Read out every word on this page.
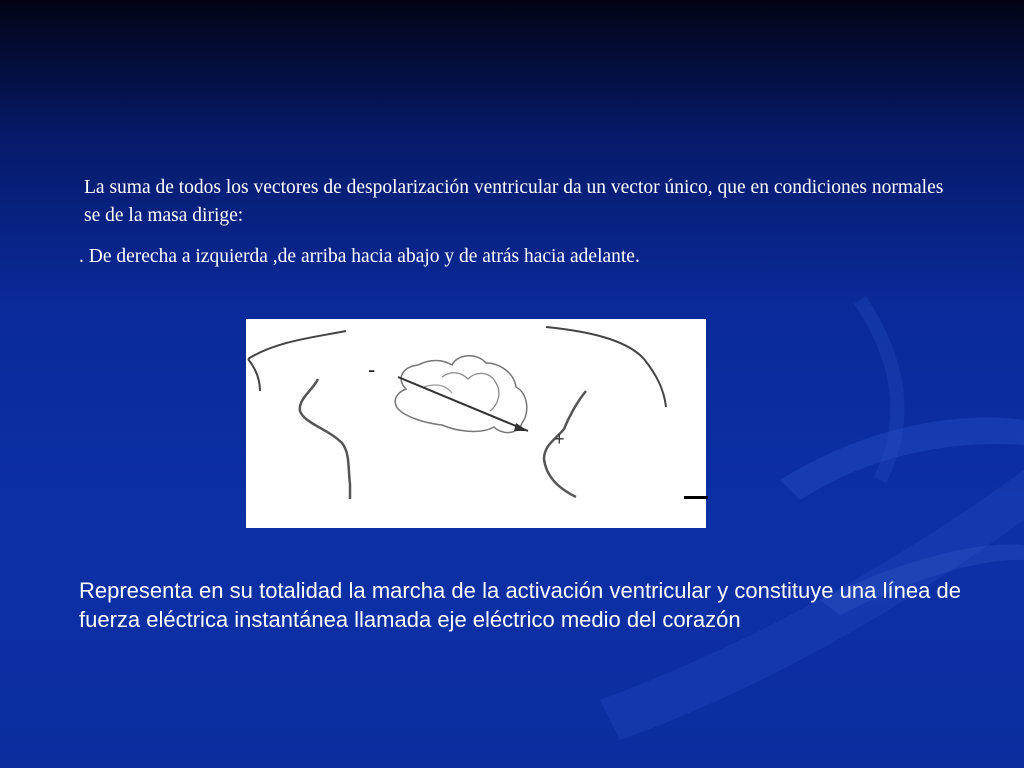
La suma de todos los vectores de despolarización ventricular da un vector único, que en condiciones normales se de la masa dirige:

. De derecha a izquierda ,de arriba hacia abajo y de atrás hacia adelante.

-
+

Representa en su totalidad la marcha de la activación ventricular y constituye una línea de fuerza eléctrica instantánea llamada eje eléctrico medio del corazón
